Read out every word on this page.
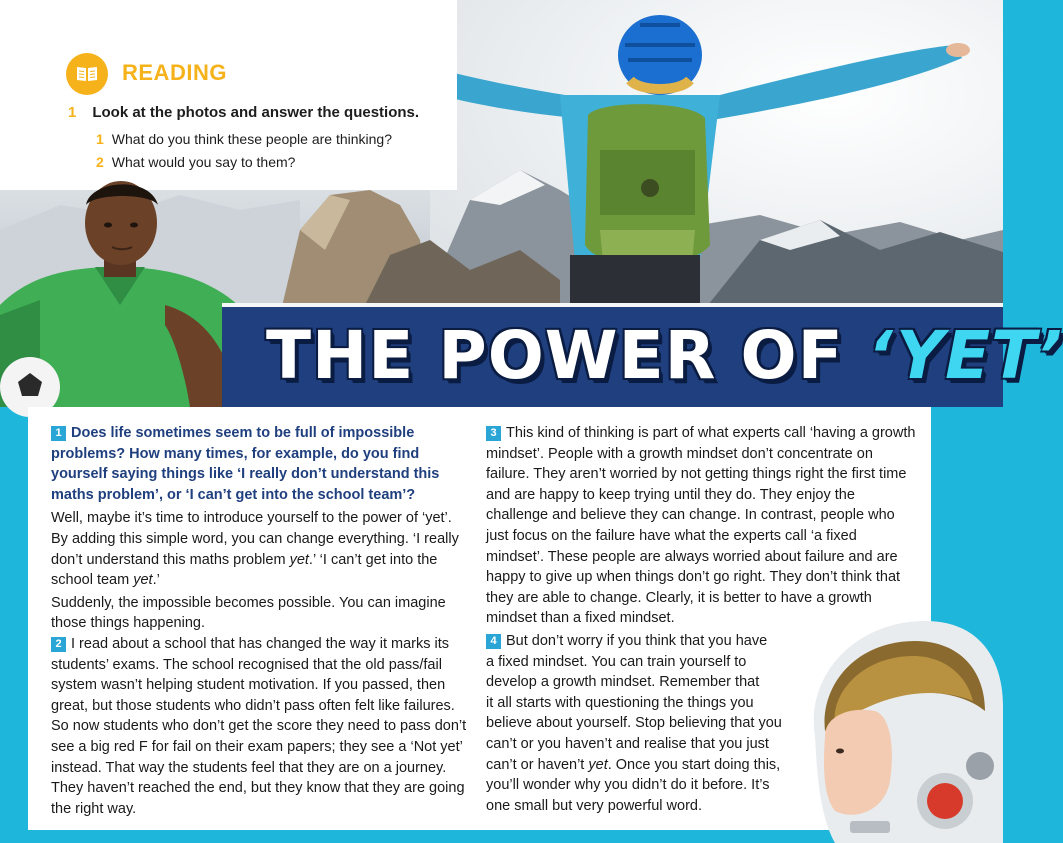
READING
1 Look at the photos and answer the questions.
1 What do you think these people are thinking?
2 What would you say to them?
THE POWER OF ‘YET’

1 Does life sometimes seem to be full of impossible problems? How many times, for example, do you find yourself saying things like ‘I really don’t understand this maths problem’, or ‘I can’t get into the school team’?

Well, maybe it’s time to introduce yourself to the power of ‘yet’. By adding this simple word, you can change everything. ‘I really don’t understand this maths problem yet.’ ‘I can’t get into the school team yet.’

Suddenly, the impossible becomes possible. You can imagine those things happening.

2 I read about a school that has changed the way it marks its students’ exams. The school recognised that the old pass/fail system wasn’t helping student motivation. If you passed, then great, but those students who didn’t pass often felt like failures. So now students who don’t get the score they need to pass don’t see a big red F for fail on their exam papers; they see a ‘Not yet’ instead. That way the students feel that they are on a journey. They haven’t reached the end, but they know that they are going the right way.

3 This kind of thinking is part of what experts call ‘having a growth mindset’. People with a growth mindset don’t concentrate on failure. They aren’t worried by not getting things right the first time and are happy to keep trying until they do. They enjoy the challenge and believe they can change. In contrast, people who just focus on the failure have what the experts call ‘a fixed mindset’. These people are always worried about failure and are happy to give up when things don’t go right. They don’t think that they are able to change. Clearly, it is better to have a growth mindset than a fixed mindset.

4 But don’t worry if you think that you have
a fixed mindset. You can train yourself to
develop a growth mindset. Remember that
it all starts with questioning the things you
believe about yourself. Stop believing that you
can’t or you haven’t and realise that you just
can’t or haven’t yet. Once you start doing this,
you’ll wonder why you didn’t do it before. It’s
one small but very powerful word.
